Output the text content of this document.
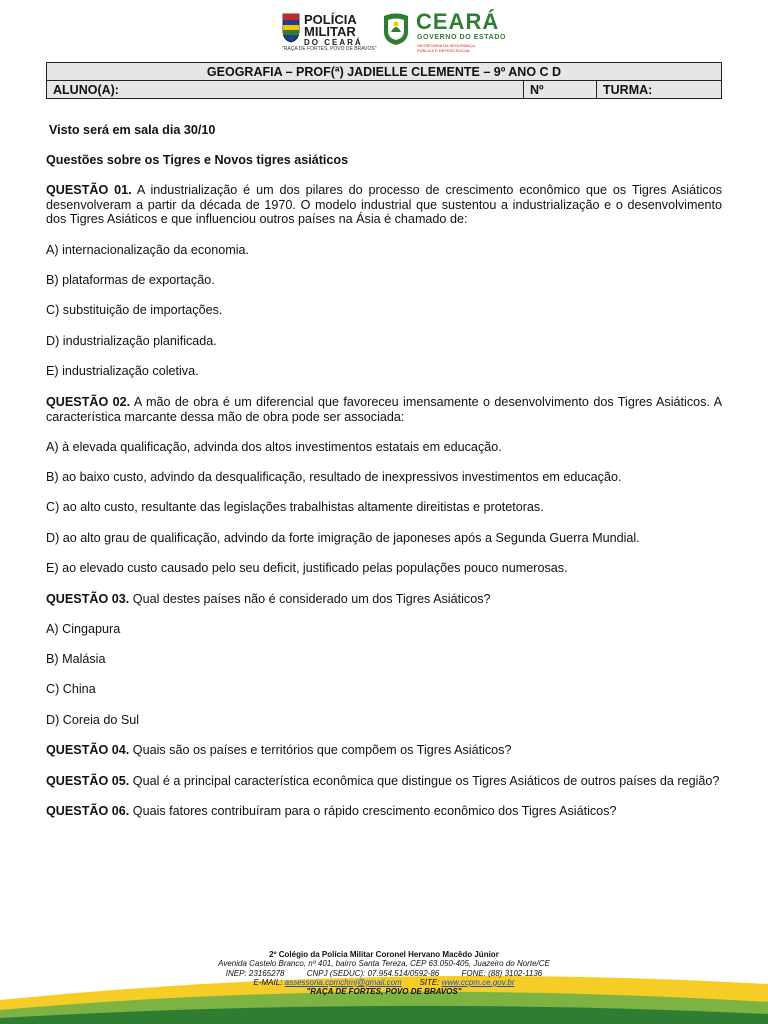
POLÍCIA
MILITAR
DO CEARÁ
"RAÇA DE FORTES, POVO DE BRAVOS"
CEARÁ
GOVERNO DO ESTADO
SECRETARIA DA SEGURANÇA
PÚBLICA E DEFESA SOCIAL
GEOGRAFIA – PROF(ª) JADIELLE CLEMENTE – 9º ANO C D
ALUNO(A):	Nº	TURMA:
Visto será em sala dia 30/10
Questões sobre os Tigres e Novos tigres asiáticos
QUESTÃO 01. A industrialização é um dos pilares do processo de crescimento econômico que os Tigres Asiáticos desenvolveram a partir da década de 1970. O modelo industrial que sustentou a industrialização e o desenvolvimento dos Tigres Asiáticos e que influenciou outros países na Ásia é chamado de:
A) internacionalização da economia.
B) plataformas de exportação.
C) substituição de importações.
D) industrialização planificada.
E) industrialização coletiva.
QUESTÃO 02. A mão de obra é um diferencial que favoreceu imensamente o desenvolvimento dos Tigres Asiáticos. A característica marcante dessa mão de obra pode ser associada:
A) à elevada qualificação, advinda dos altos investimentos estatais em educação.
B) ao baixo custo, advindo da desqualificação, resultado de inexpressivos investimentos em educação.
C) ao alto custo, resultante das legislações trabalhistas altamente direitistas e protetoras.
D) ao alto grau de qualificação, advindo da forte imigração de japoneses após a Segunda Guerra Mundial.
E) ao elevado custo causado pelo seu deficit, justificado pelas populações pouco numerosas.
QUESTÃO 03. Qual destes países não é considerado um dos Tigres Asiáticos?
A) Cingapura
B) Malásia
C) China
D) Coreia do Sul
QUESTÃO 04. Quais são os países e territórios que compõem os Tigres Asiáticos?
QUESTÃO 05. Qual é a principal característica econômica que distingue os Tigres Asiáticos de outros países da região?
QUESTÃO 06. Quais fatores contribuíram para o rápido crescimento econômico dos Tigres Asiáticos?
2º Colégio da Polícia Militar Coronel Hervano Macêdo Júnior
Avenida Castelo Branco, nº 401, bairro Santa Tereza, CEP 63.050-405, Juazeiro do Norte/CE
INEP: 23165278	CNPJ (SEDUC): 07.954.514/0592-86	FONE: (88) 3102-1136
E-MAIL: assessoria.cpmchmj@gmail.com SITE: www.ccpm.ce.gov.br
"RAÇA DE FORTES, POVO DE BRAVOS"
